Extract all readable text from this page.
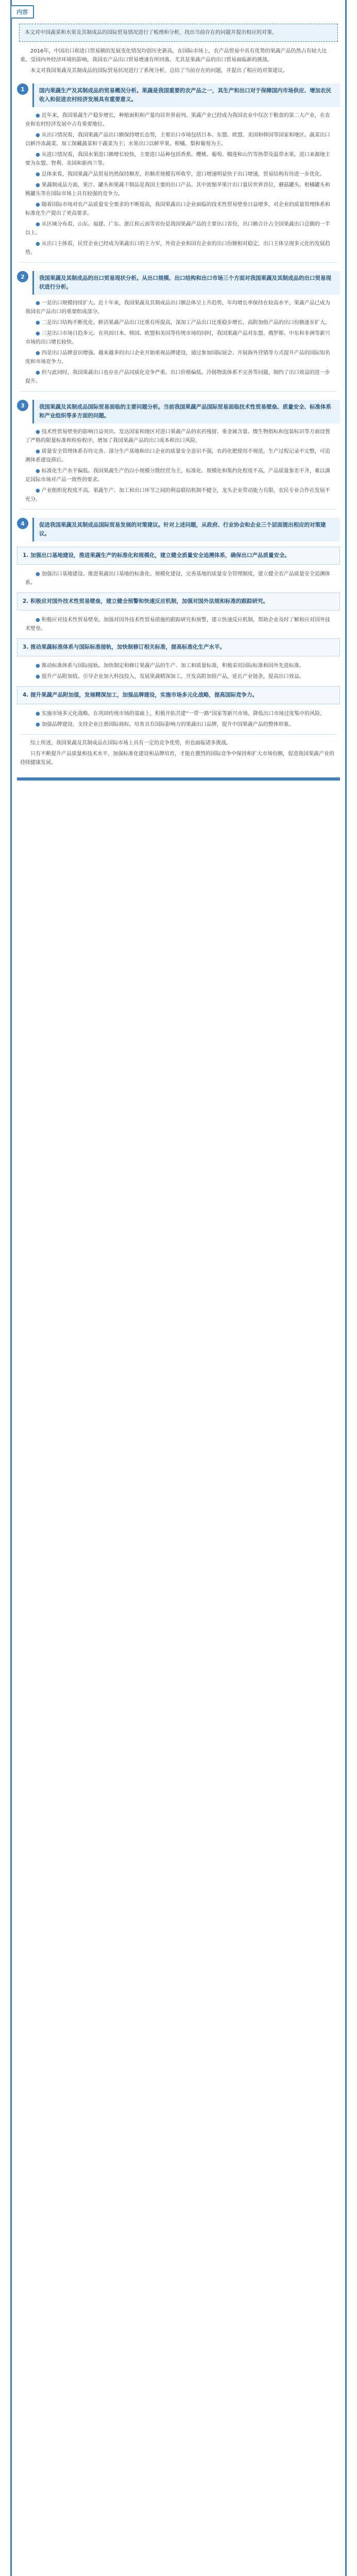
内容
本文对中国蔬菜和水果及其制成品的国际贸易情况进行了梳理和分析，找出当前存在的问题并提出相应的对策。

2016年，中国出口和进口贸易额的发展变化情况均创历史新高，在国际市场上，农产品贸易中具有优势的果蔬产品仍然占有较大比重。受国内外经济环境的影响，我国农产品出口贸易增速有所回落，尤其是果蔬产品的出口贸易面临新的挑战。

本文对我国果蔬及其制成品的国际贸易状况进行了系统分析，总结了当前存在的问题，并提出了相应的对策建议。

1	国内果蔬生产及其制成品的贸易概况分析。果蔬是我国重要的农产品之一，其生产和出口对于保障国内市场供应、增加农民收入和促进农村经济发展具有重要意义。

● 近年来，我国果蔬生产稳步增长，种植面积和产量均居世界前列。果蔬产业已经成为我国农业中仅次于粮食的第二大产业，在农业和农村经济发展中占有重要地位。

● 从出口情况看，我国果蔬产品出口额保持增长态势，主要出口市场包括日本、东盟、欧盟、美国和韩国等国家和地区。蔬菜出口以鲜冷冻蔬菜、加工保藏蔬菜和干蔬菜为主；水果出口以鲜苹果、柑橘、梨和葡萄为主。

● 从进口情况看，我国水果进口额增长较快，主要进口品种包括香蕉、樱桃、葡萄、榴莲和山竹等热带及温带水果，进口来源地主要为东盟、智利、美国和新西兰等。

● 总体来看，我国果蔬产品贸易仍然保持顺差，但顺差规模有所收窄，进口增速明显快于出口增速，贸易结构有待进一步优化。

● 果蔬制成品方面，果汁、罐头和果蔬干制品是我国主要的出口产品。其中浓缩苹果汁出口量居世界首位，蘑菇罐头、柑橘罐头和桃罐头等在国际市场上具有较强的竞争力。

● 随着国际市场对农产品质量安全要求的不断提高，我国果蔬出口企业面临的技术性贸易壁垒日益增多，对企业的质量管理体系和标准化生产提出了更高要求。

● 从区域分布看，山东、福建、广东、浙江和云南等省份是我国果蔬产品的主要出口省份，出口额合计占全国果蔬出口总额的一半以上。

● 从出口主体看，民营企业已经成为果蔬出口的主力军，外资企业和国有企业的出口份额相对稳定，出口主体呈现多元化的发展趋势。

2	我国果蔬及其制成品的出口贸易现状分析。从出口规模、出口结构和出口市场三个方面对我国果蔬及其制成品的出口贸易现状进行分析。

● 一是出口规模持续扩大。近十年来，我国果蔬及其制成品出口额总体呈上升趋势，年均增长率保持在较高水平，果蔬产品已成为我国农产品出口的重要组成部分。

● 二是出口结构不断优化。鲜活果蔬产品出口比重有所提高，深加工产品出口比重稳步增长，高附加值产品的出口份额逐步扩大。

● 三是出口市场日趋多元。在巩固日本、韩国、欧盟和美国等传统市场的同时，我国果蔬产品对东盟、俄罗斯、中东和非洲等新兴市场的出口增长较快。

● 四是出口品牌意识增强。越来越多的出口企业开始重视品牌建设，通过参加国际展会、开展海外营销等方式提升产品的国际知名度和市场竞争力。

● 但与此同时，我国果蔬出口也存在产品同质化竞争严重、出口价格偏低、冷链物流体系不完善等问题，制约了出口效益的进一步提升。

3	我国果蔬及其制成品国际贸易面临的主要问题分析。当前我国果蔬产品国际贸易面临技术性贸易壁垒、质量安全、标准体系和产业组织等多方面的问题。

● 技术性贸易壁垒的影响日益突出。发达国家和地区对进口果蔬产品的农药残留、重金属含量、微生物指标和包装标识等方面设置了严格的限量标准和检验程序，增加了我国果蔬产品的出口成本和出口风险。

● 质量安全管理体系有待完善。部分生产基地和出口企业的质量安全意识不强，农药化肥使用不规范，生产过程记录不完整，可追溯体系建设滞后。

● 标准化生产水平偏低。我国果蔬生产仍以小规模分散经营为主，标准化、规模化和集约化程度不高，产品质量参差不齐，难以满足国际市场对产品一致性的要求。

● 产业组织化程度不高。果蔬生产、加工和出口环节之间的利益联结机制不健全，龙头企业带动能力有限，农民专业合作社发展不充分。

4	促进我国果蔬及其制成品国际贸易发展的对策建议。针对上述问题，从政府、行业协会和企业三个层面提出相应的对策建议。
1. 加强出口基地建设，推进果蔬生产的标准化和规模化，建立健全质量安全追溯体系，确保出口产品质量安全。

● 加强出口基地建设。推进果蔬出口基地的标准化、规模化建设，完善基地的质量安全管理制度，建立健全农产品质量安全追溯体系。

2. 积极应对国外技术性贸易壁垒，建立健全预警和快速反应机制，加强对国外法规和标准的跟踪研究。

● 积极应对技术性贸易壁垒。加强对国外技术性贸易措施的跟踪研究和预警，建立快速反应机制，帮助企业及时了解和应对国外技术壁垒。

3. 推动果蔬标准体系与国际标准接轨，加快制修订相关标准，提高标准化生产水平。

● 推动标准体系与国际接轨。加快制定和修订果蔬产品的生产、加工和质量标准，积极采用国际标准和国外先进标准。

● 提升产品附加值。引导企业加大科技投入，发展果蔬精深加工，开发高附加值产品，延长产业链条，提高出口效益。

4. 提升果蔬产品附加值，发展精深加工，加强品牌建设，实施市场多元化战略，提高国际竞争力。

● 实施市场多元化战略。在巩固传统市场的基础上，积极开拓共建“一带一路”国家等新兴市场，降低出口市场过度集中的风险。

● 加强品牌建设。支持企业注册国际商标，培育具有国际影响力的果蔬出口品牌，提升中国果蔬产品的整体形象。

综上所述，我国果蔬及其制成品在国际市场上具有一定的竞争优势，但也面临诸多挑战。

只有不断提升产品质量和技术水平，加强标准化建设和品牌培育，才能在激烈的国际竞争中保持和扩大市场份额，促进我国果蔬产业的持续健康发展。
